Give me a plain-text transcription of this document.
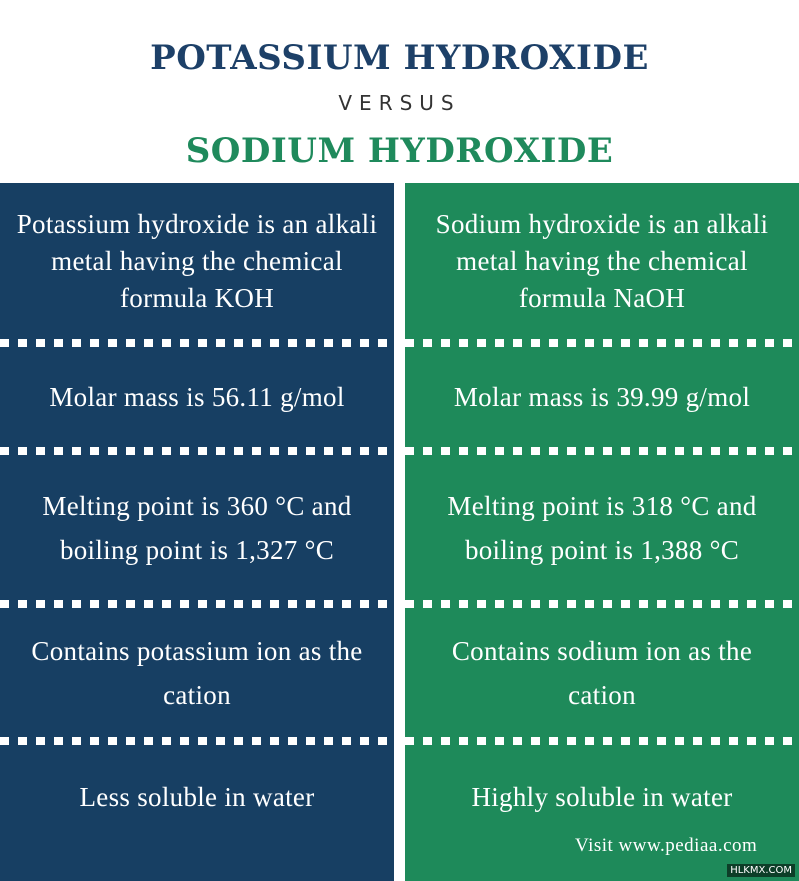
POTASSIUM HYDROXIDE
VERSUS
SODIUM HYDROXIDE
Potassium hydroxide is an alkali metal having the chemical formula KOH
Molar mass is 56.11 g/mol
Melting point is 360 °C and boiling point is 1,327 °C
Contains potassium ion as the cation
Less soluble in water
Sodium hydroxide is an alkali metal having the chemical formula NaOH
Molar mass is 39.99 g/mol
Melting point is 318 °C and boiling point is 1,388 °C
Contains sodium ion as the cation
Highly soluble in water
Visit www.pediaa.com
HLKMX.COM
